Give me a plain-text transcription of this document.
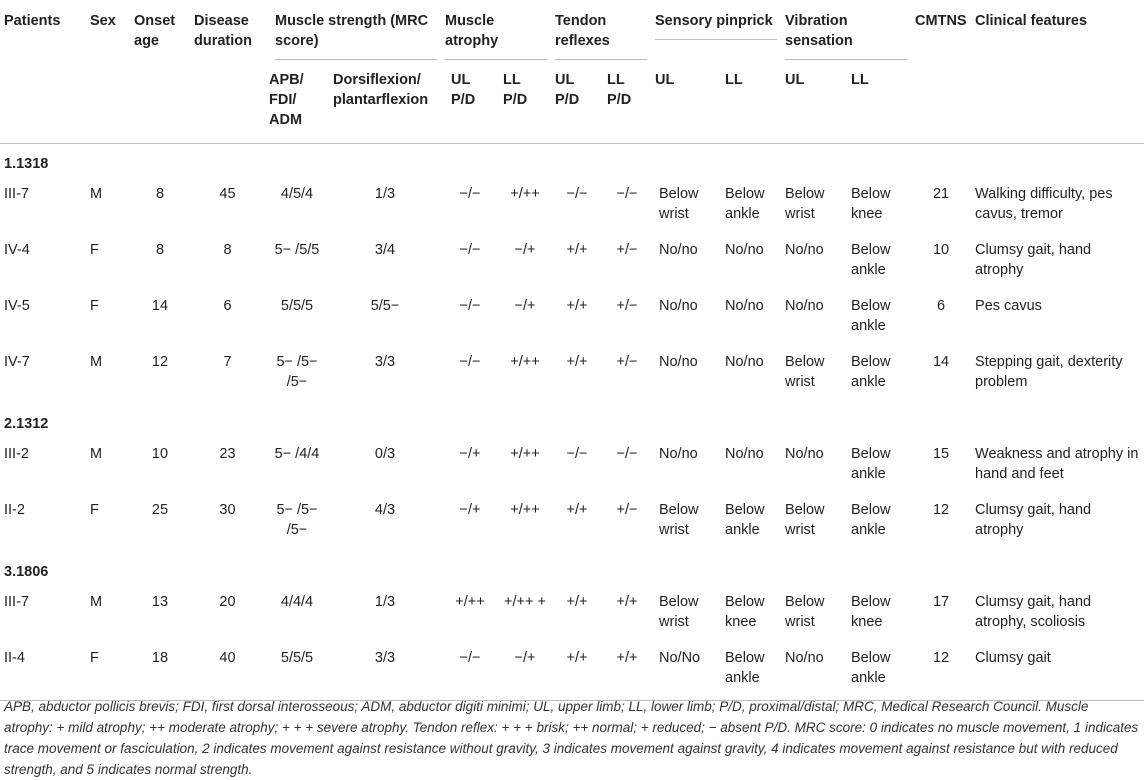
Patients	Sex	Onset age	Disease duration	Muscle strength (MRC score)		Muscle atrophy		Tendon reflexes		Sensory pinprick		Vibration sensation		CMTNS	Clinical features
				APB/ FDI/ ADM	Dorsiflexion/ plantarflexion	UL P/D	LL P/D	UL P/D	LL P/D	UL	LL	UL	LL		
1.1318															
III-7	M	8	45	4/5/4	1/3	−/−	+/++	−/−	−/−	Below wrist	Below ankle	Below wrist	Below knee	21	Walking difficulty, pes cavus, tremor
IV-4	F	8	8	5− /5/5	3/4	−/−	−/+	+/+	+/−	No/no	No/no	No/no	Below ankle	10	Clumsy gait, hand atrophy
IV-5	F	14	6	5/5/5	5/5−	−/−	−/+	+/+	+/−	No/no	No/no	No/no	Below ankle	6	Pes cavus
IV-7	M	12	7	5− /5− /5−	3/3	−/−	+/++	+/+	+/−	No/no	No/no	Below wrist	Below ankle	14	Stepping gait, dexterity problem
2.1312															
III-2	M	10	23	5− /4/4	0/3	−/+	+/++	−/−	−/−	No/no	No/no	No/no	Below ankle	15	Weakness and atrophy in hand and feet
II-2	F	25	30	5− /5− /5−	4/3	−/+	+/++	+/+	+/−	Below wrist	Below ankle	Below wrist	Below ankle	12	Clumsy gait, hand atrophy
3.1806															
III-7	M	13	20	4/4/4	1/3	+/++	+/++ +	+/+	+/+	Below wrist	Below knee	Below wrist	Below knee	17	Clumsy gait, hand atrophy, scoliosis
II-4	F	18	40	5/5/5	3/3	−/−	−/+	+/+	+/+	No/No	Below ankle	No/no	Below ankle	12	Clumsy gait

APB, abductor pollicis brevis; FDI, first dorsal interosseous; ADM, abductor digiti minimi; UL, upper limb; LL, lower limb; P/D, proximal/distal; MRC, Medical Research Council. Muscle atrophy: + mild atrophy; ++ moderate atrophy; + + + severe atrophy. Tendon reflex: + + + brisk; ++ normal; + reduced; − absent P/D. MRC score: 0 indicates no muscle movement, 1 indicates trace movement or fasciculation, 2 indicates movement against resistance without gravity, 3 indicates movement against gravity, 4 indicates movement against resistance but with reduced strength, and 5 indicates normal strength.
